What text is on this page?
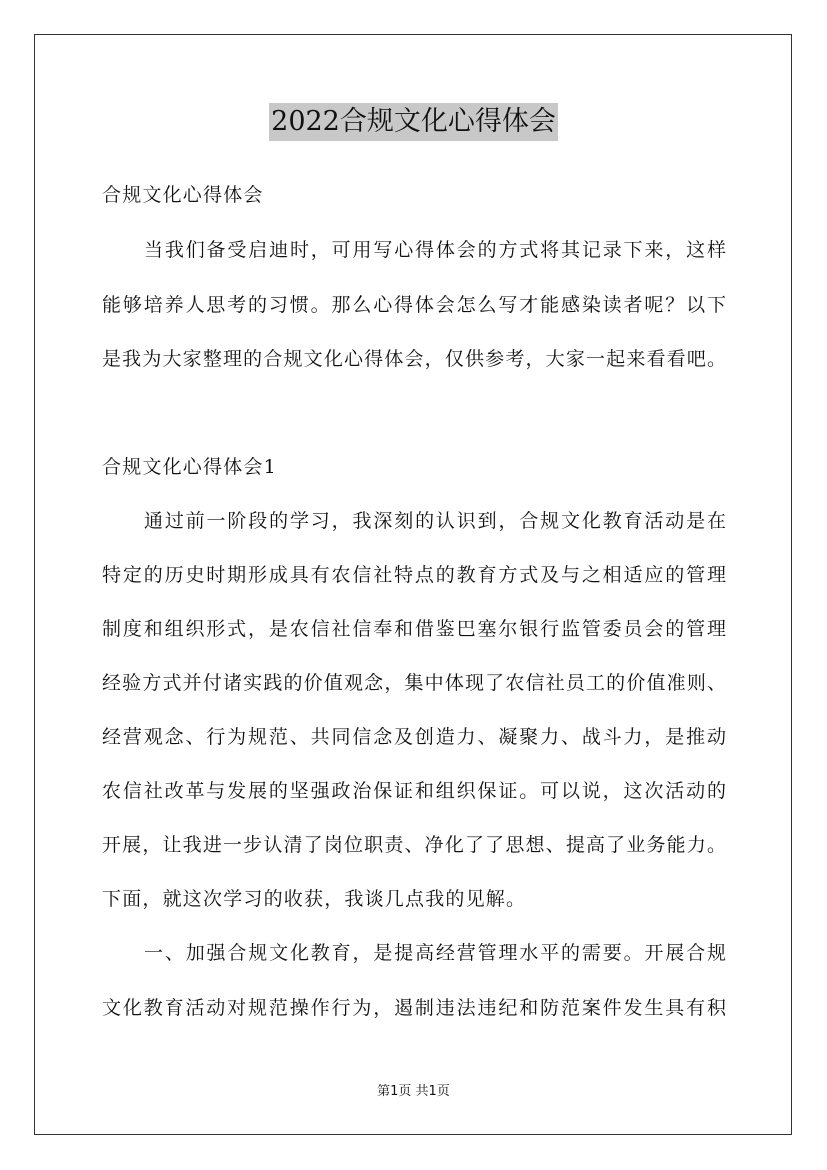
2022合规文化心得体会
合规文化心得体会
当我们备受启迪时，可用写心得体会的方式将其记录下来，这样
能够培养人思考的习惯。那么心得体会怎么写才能感染读者呢？以下
是我为大家整理的合规文化心得体会，仅供参考，大家一起来看看吧。
合规文化心得体会1
通过前一阶段的学习，我深刻的认识到，合规文化教育活动是在
特定的历史时期形成具有农信社特点的教育方式及与之相适应的管理
制度和组织形式，是农信社信奉和借鉴巴塞尔银行监管委员会的管理
经验方式并付诸实践的价值观念，集中体现了农信社员工的价值准则、
经营观念、行为规范、共同信念及创造力、凝聚力、战斗力，是推动
农信社改革与发展的坚强政治保证和组织保证。可以说，这次活动的
开展，让我进一步认清了岗位职责、净化了了思想、提高了业务能力。
下面，就这次学习的收获，我谈几点我的见解。
一、加强合规文化教育，是提高经营管理水平的需要。开展合规
文化教育活动对规范操作行为，遏制违法违纪和防范案件发生具有积
第1页 共1页
